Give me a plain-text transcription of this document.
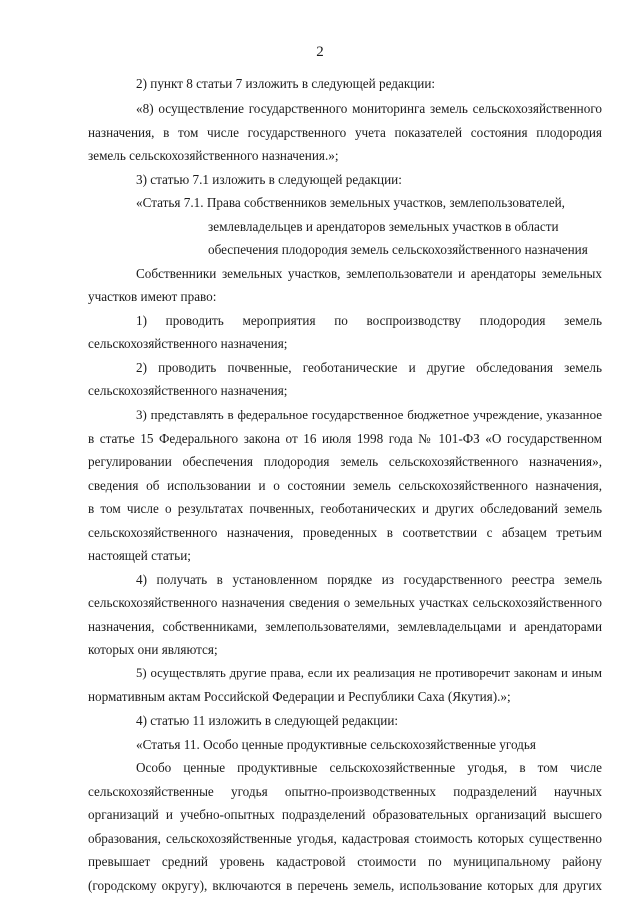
2
2) пункт 8 статьи 7 изложить в следующей редакции:
«8) осуществление государственного мониторинга земель сельскохозяйственного
назначения, в том числе государственного учета показателей состояния плодородия
земель сельскохозяйственного назначения.»;
3) статью 7.1 изложить в следующей редакции:
«Статья 7.1. Права собственников земельных участков, землепользователей,
землевладельцев и арендаторов земельных участков в области
обеспечения плодородия земель сельскохозяйственного назначения
Собственники земельных участков, землепользователи и арендаторы земельных
участков имеют право:
1) проводить мероприятия по воспроизводству плодородия земель
сельскохозяйственного назначения;
2) проводить почвенные, геоботанические и другие обследования земель
сельскохозяйственного назначения;
3) представлять в федеральное государственное бюджетное учреждение, указанное
в статье 15 Федерального закона от 16 июля 1998 года № 101-ФЗ «О государственном
регулировании обеспечения плодородия земель сельскохозяйственного назначения»,
сведения об использовании и о состоянии земель сельскохозяйственного назначения,
в том числе о результатах почвенных, геоботанических и других обследований земель
сельскохозяйственного назначения, проведенных в соответствии с абзацем третьим
настоящей статьи;
4) получать в установленном порядке из государственного реестра земель
сельскохозяйственного назначения сведения о земельных участках сельскохозяйственного
назначения, собственниками, землепользователями, землевладельцами и арендаторами
которых они являются;
5) осуществлять другие права, если их реализация не противоречит законам и иным
нормативным актам Российской Федерации и Республики Саха (Якутия).»;
4) статью 11 изложить в следующей редакции:
«Статья 11. Особо ценные продуктивные сельскохозяйственные угодья
Особо ценные продуктивные сельскохозяйственные угодья, в том числе
сельскохозяйственные угодья опытно-производственных подразделений научных
организаций и учебно-опытных подразделений образовательных организаций высшего
образования, сельскохозяйственные угодья, кадастровая стоимость которых существенно
превышает средний уровень кадастровой стоимости по муниципальному району
(городскому округу), включаются в перечень земель, использование которых для других
